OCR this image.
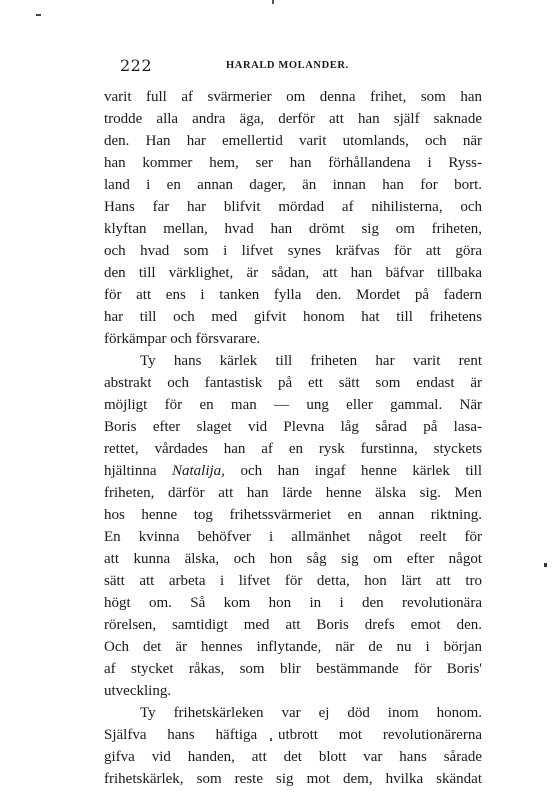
222	HARALD MOLANDER.
varit full af svärmerier om denna frihet, som han
trodde alla andra äga, derför att han själf saknade
den. Han har emellertid varit utomlands, och när
han kommer hem, ser han förhållandena i Ryss-
land i en annan dager, än innan han for bort.
Hans far har blifvit mördad af nihilisterna, och
klyftan mellan, hvad han drömt sig om friheten,
och hvad som i lifvet synes kräfvas för att göra
den till värklighet, är sådan, att han bäfvar tillbaka
för att ens i tanken fylla den. Mordet på fadern
har till och med gifvit honom hat till frihetens
förkämpar och försvarare.
Ty hans kärlek till friheten har varit rent
abstrakt och fantastisk på ett sätt som endast är
möjligt för en man — ung eller gammal. När
Boris efter slaget vid Plevna låg sårad på lasa-
rettet, vårdades han af en rysk furstinna, styckets
hjältinna Natalija, och han ingaf henne kärlek till
friheten, därför att han lärde henne älska sig. Men
hos henne tog frihetssvärmeriet en annan riktning.
En kvinna behöfver i allmänhet något reelt för
att kunna älska, och hon såg sig om efter något
sätt att arbeta i lifvet för detta, hon lärt att tro
högt om. Så kom hon in i den revolutionära
rörelsen, samtidigt med att Boris drefs emot den.
Och det är hennes inflytande, när de nu i början
af stycket råkas, som blir bestämmande för Boris'
utveckling.
Ty frihetskärleken var ej död inom honom.
Själfva hans häftiga utbrott mot revolutionärerna
gifva vid handen, att det blott var hans sårade
frihetskärlek, som reste sig mot dem, hvilka skändat
